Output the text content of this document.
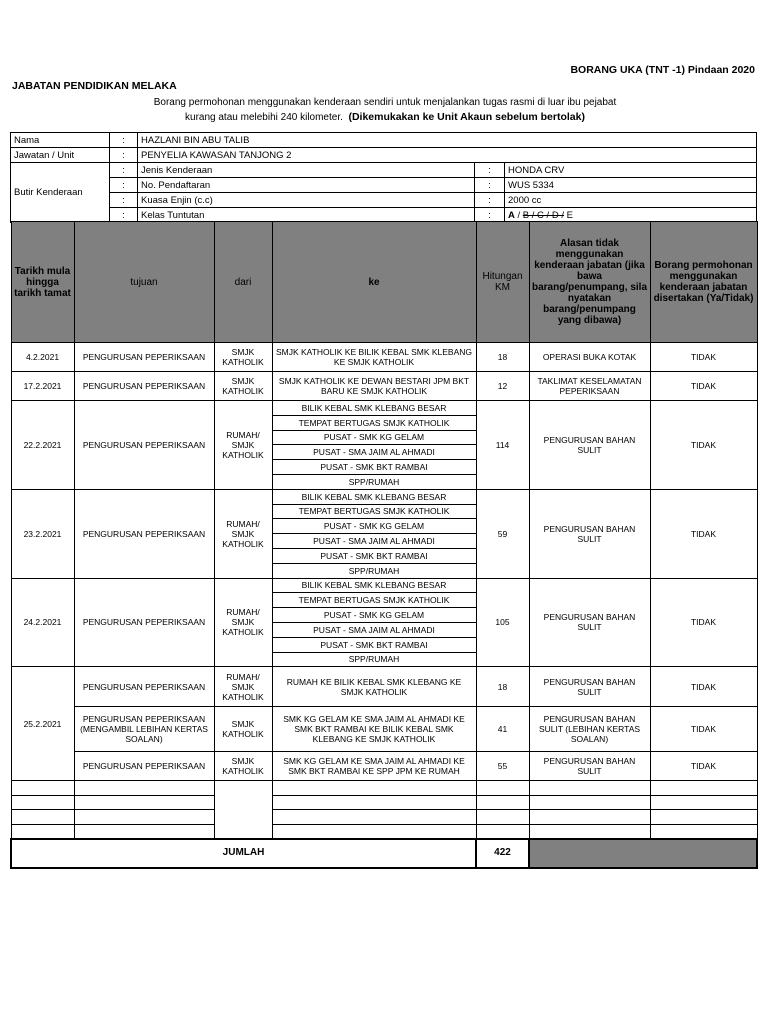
BORANG UKA (TNT -1) Pindaan 2020
JABATAN PENDIDIKAN MELAKA
Borang permohonan menggunakan kenderaan sendiri untuk menjalankan tugas rasmi di luar ibu pejabat
kurang atau melebihi 240 kilometer. (Dikemukakan ke Unit Akaun sebelum bertolak)
Nama	:	HAZLANI BIN ABU TALIB		
Jawatan / Unit	:	PENYELIA KAWASAN TANJONG 2		
Butir Kenderaan	:	Jenis Kenderaan	:	HONDA CRV
	:	No. Pendaftaran	:	WUS 5334
	:	Kuasa Enjin (c.c)	:	2000 cc
	:	Kelas Tuntutan	:	A / B / C / D / E
Tarikh mula hingga tarikh tamat	tujuan	dari	ke	Hitungan KM	Alasan tidak menggunakan kenderaan jabatan (jika bawa barang/penumpang, sila nyatakan barang/penumpang yang dibawa)	Borang permohonan menggunakan kenderaan jabatan disertakan (Ya/Tidak)
4.2.2021	PENGURUSAN PEPERIKSAAN	SMJK KATHOLIK	SMJK KATHOLIK KE BILIK KEBAL SMK KLEBANG KE SMJK KATHOLIK	18	OPERASI BUKA KOTAK	TIDAK
17.2.2021	PENGURUSAN PEPERIKSAAN	SMJK KATHOLIK	SMJK KATHOLIK KE DEWAN BESTARI JPM BKT BARU KE SMJK KATHOLIK	12	TAKLIMAT KESELAMATAN PEPERIKSAAN	TIDAK
22.2.2021	PENGURUSAN PEPERIKSAAN	RUMAH/ SMJK KATHOLIK	BILIK KEBAL SMK KLEBANG BESAR	114	PENGURUSAN BAHAN SULIT	TIDAK
			TEMPAT BERTUGAS SMJK KATHOLIK			
			PUSAT - SMK KG GELAM			
			PUSAT - SMA JAIM AL AHMADI			
			PUSAT - SMK BKT RAMBAI			
			SPP/RUMAH			
23.2.2021	PENGURUSAN PEPERIKSAAN	RUMAH/ SMJK KATHOLIK	BILIK KEBAL SMK KLEBANG BESAR	59	PENGURUSAN BAHAN SULIT	TIDAK
			TEMPAT BERTUGAS SMJK KATHOLIK			
			PUSAT - SMK KG GELAM			
			PUSAT - SMA JAIM AL AHMADI			
			PUSAT - SMK BKT RAMBAI			
			SPP/RUMAH			
24.2.2021	PENGURUSAN PEPERIKSAAN	RUMAH/ SMJK KATHOLIK	BILIK KEBAL SMK KLEBANG BESAR	105	PENGURUSAN BAHAN SULIT	TIDAK
			TEMPAT BERTUGAS SMJK KATHOLIK			
			PUSAT - SMK KG GELAM			
			PUSAT - SMA JAIM AL AHMADI			
			PUSAT - SMK BKT RAMBAI			
			SPP/RUMAH			
25.2.2021	PENGURUSAN PEPERIKSAAN	RUMAH/ SMJK KATHOLIK	RUMAH KE BILIK KEBAL SMK KLEBANG KE SMJK KATHOLIK	18	PENGURUSAN BAHAN SULIT	TIDAK
	PENGURUSAN PEPERIKSAAN (MENGAMBIL LEBIHAN KERTAS SOALAN)	SMJK KATHOLIK	SMK KG GELAM KE SMA JAIM AL AHMADI KE SMK BKT RAMBAI KE BILIK KEBAL SMK KLEBANG KE SMJK KATHOLIK	41	PENGURUSAN BAHAN SULIT (LEBIHAN KERTAS SOALAN)	TIDAK
	PENGURUSAN PEPERIKSAAN	SMJK KATHOLIK	SMK KG GELAM KE SMA JAIM AL AHMADI KE SMK BKT RAMBAI KE SPP JPM KE RUMAH	55	PENGURUSAN BAHAN SULIT	TIDAK

JUMLAH				422		
